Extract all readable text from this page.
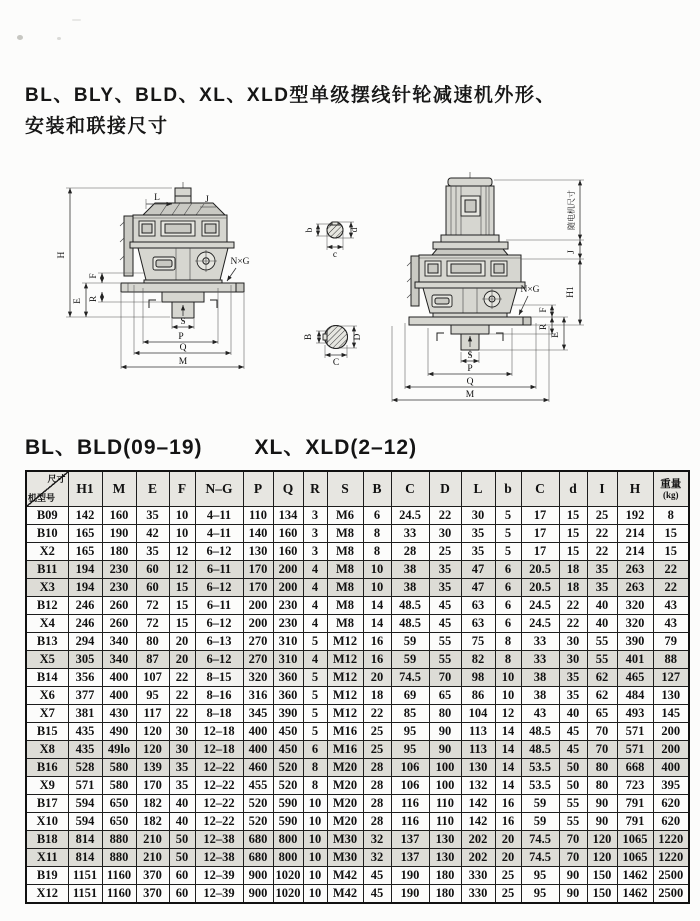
BL、BLY、BLD、XL、XLD型单级摆线针轮减速机外形、
安装和联接尺寸
L	J
N×G
H
E
F
R
S
P
Q
M
b	d
c
B	D
C
N×G
随电机尺寸
J
H1
F
R
E
S
P
Q
M
BL、BLD(09–19) XL、XLD(2–12)
尺寸
机型号
	H1	M	E	F	N–G	P	Q	R	S	B	C	D	L	b	C	d	I	H	重量
(kg)

B09	142	160	35	10	4–11	110	134	3	M6	6	24.5	22	30	5	17	15	25	192	8
B10	165	190	42	10	4–11	140	160	3	M8	8	33	30	35	5	17	15	22	214	15
X2	165	180	35	12	6–12	130	160	3	M8	8	28	25	35	5	17	15	22	214	15
B11	194	230	60	12	6–11	170	200	4	M8	10	38	35	47	6	20.5	18	35	263	22
X3	194	230	60	15	6–12	170	200	4	M8	10	38	35	47	6	20.5	18	35	263	22
B12	246	260	72	15	6–11	200	230	4	M8	14	48.5	45	63	6	24.5	22	40	320	43
X4	246	260	72	15	6–12	200	230	4	M8	14	48.5	45	63	6	24.5	22	40	320	43
B13	294	340	80	20	6–13	270	310	5	M12	16	59	55	75	8	33	30	55	390	79
X5	305	340	87	20	6–12	270	310	4	M12	16	59	55	82	8	33	30	55	401	88
B14	356	400	107	22	8–15	320	360	5	M12	20	74.5	70	98	10	38	35	62	465	127
X6	377	400	95	22	8–16	316	360	5	M12	18	69	65	86	10	38	35	62	484	130
X7	381	430	117	22	8–18	345	390	5	M12	22	85	80	104	12	43	40	65	493	145
B15	435	490	120	30	12–18	400	450	5	M16	25	95	90	113	14	48.5	45	70	571	200
X8	435	49lo	120	30	12–18	400	450	6	M16	25	95	90	113	14	48.5	45	70	571	200
B16	528	580	139	35	12–22	460	520	8	M20	28	106	100	130	14	53.5	50	80	668	400
X9	571	580	170	35	12–22	455	520	8	M20	28	106	100	132	14	53.5	50	80	723	395
B17	594	650	182	40	12–22	520	590	10	M20	28	116	110	142	16	59	55	90	791	620
X10	594	650	182	40	12–22	520	590	10	M20	28	116	110	142	16	59	55	90	791	620
B18	814	880	210	50	12–38	680	800	10	M30	32	137	130	202	20	74.5	70	120	1065	1220
X11	814	880	210	50	12–38	680	800	10	M30	32	137	130	202	20	74.5	70	120	1065	1220
B19	1151	1160	370	60	12–39	900	1020	10	M42	45	190	180	330	25	95	90	150	1462	2500
X12	1151	1160	370	60	12–39	900	1020	10	M42	45	190	180	330	25	95	90	150	1462	2500
